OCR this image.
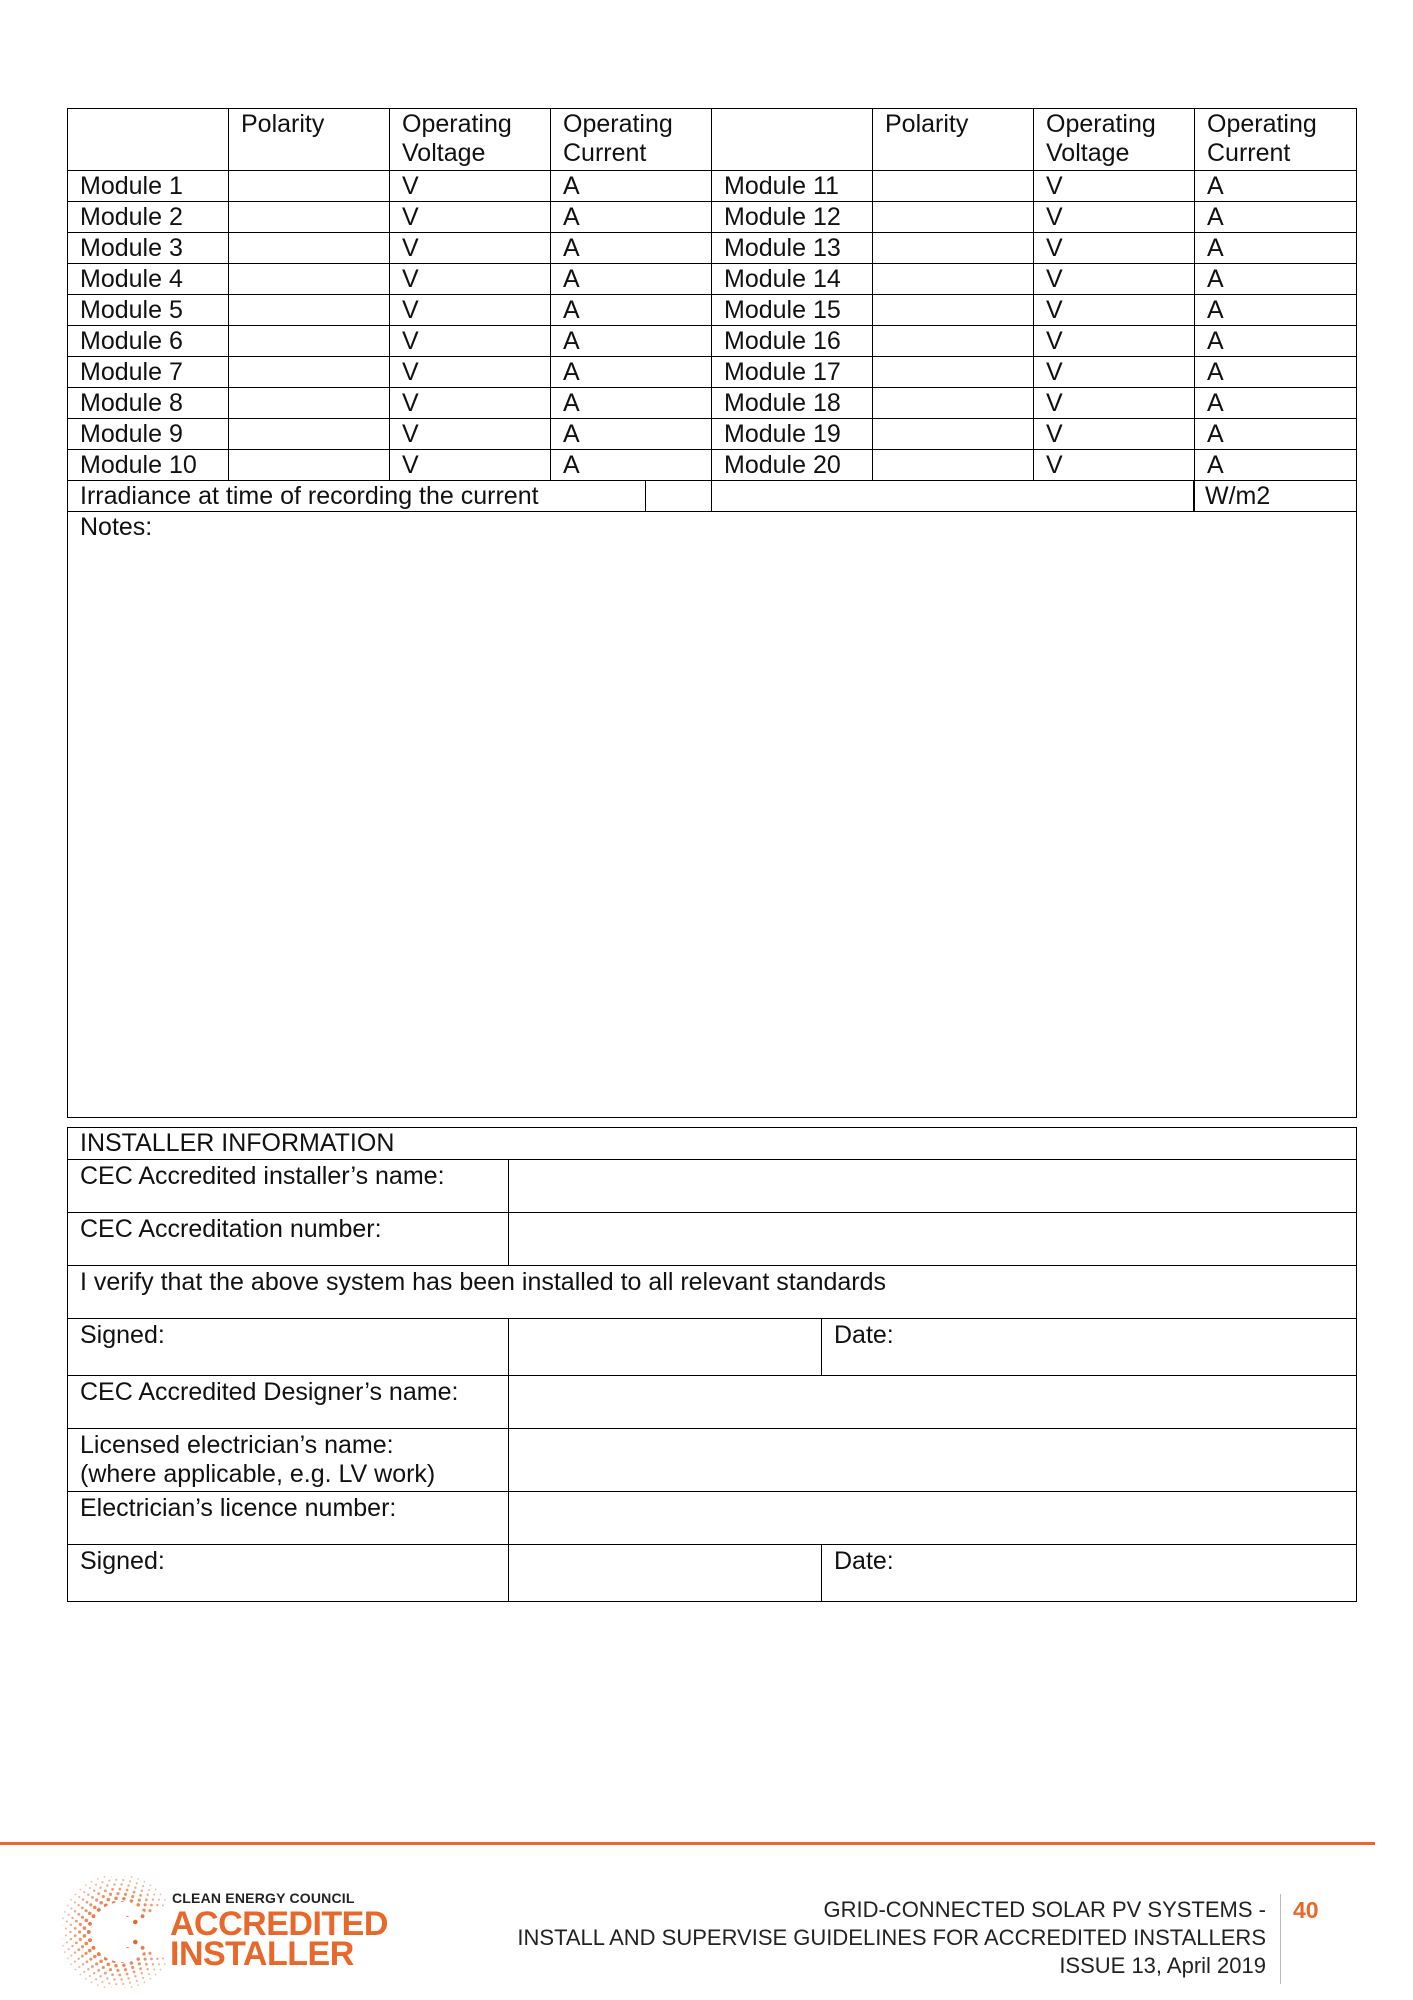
	Polarity	Operating Voltage	Operating Current		Polarity	Operating Voltage	Operating Current
Module 1		V	A	Module 11		V	A
Module 2		V	A	Module 12		V	A
Module 3		V	A	Module 13		V	A
Module 4		V	A	Module 14		V	A
Module 5		V	A	Module 15		V	A
Module 6		V	A	Module 16		V	A
Module 7		V	A	Module 17		V	A
Module 8		V	A	Module 18		V	A
Module 9		V	A	Module 19		V	A
Module 10		V	A	Module 20		V	A

Irradiance at time of recording the current							W/m2
Notes:							
INSTALLER INFORMATION		
CEC Accredited installer’s name:		
CEC Accreditation number:		
I verify that the above system has been installed to all relevant standards		
Signed:		Date:
CEC Accredited Designer’s name:		

Licensed electrician’s name:
(where applicable, e.g. LV work)		

Electrician’s licence number:		
Signed:		Date:
CLEAN ENERGY COUNCIL
ACCREDITED
INSTALLER
GRID-CONNECTED SOLAR PV SYSTEMS -
INSTALL AND SUPERVISE GUIDELINES FOR ACCREDITED INSTALLERS
ISSUE 13, April 2019
40
